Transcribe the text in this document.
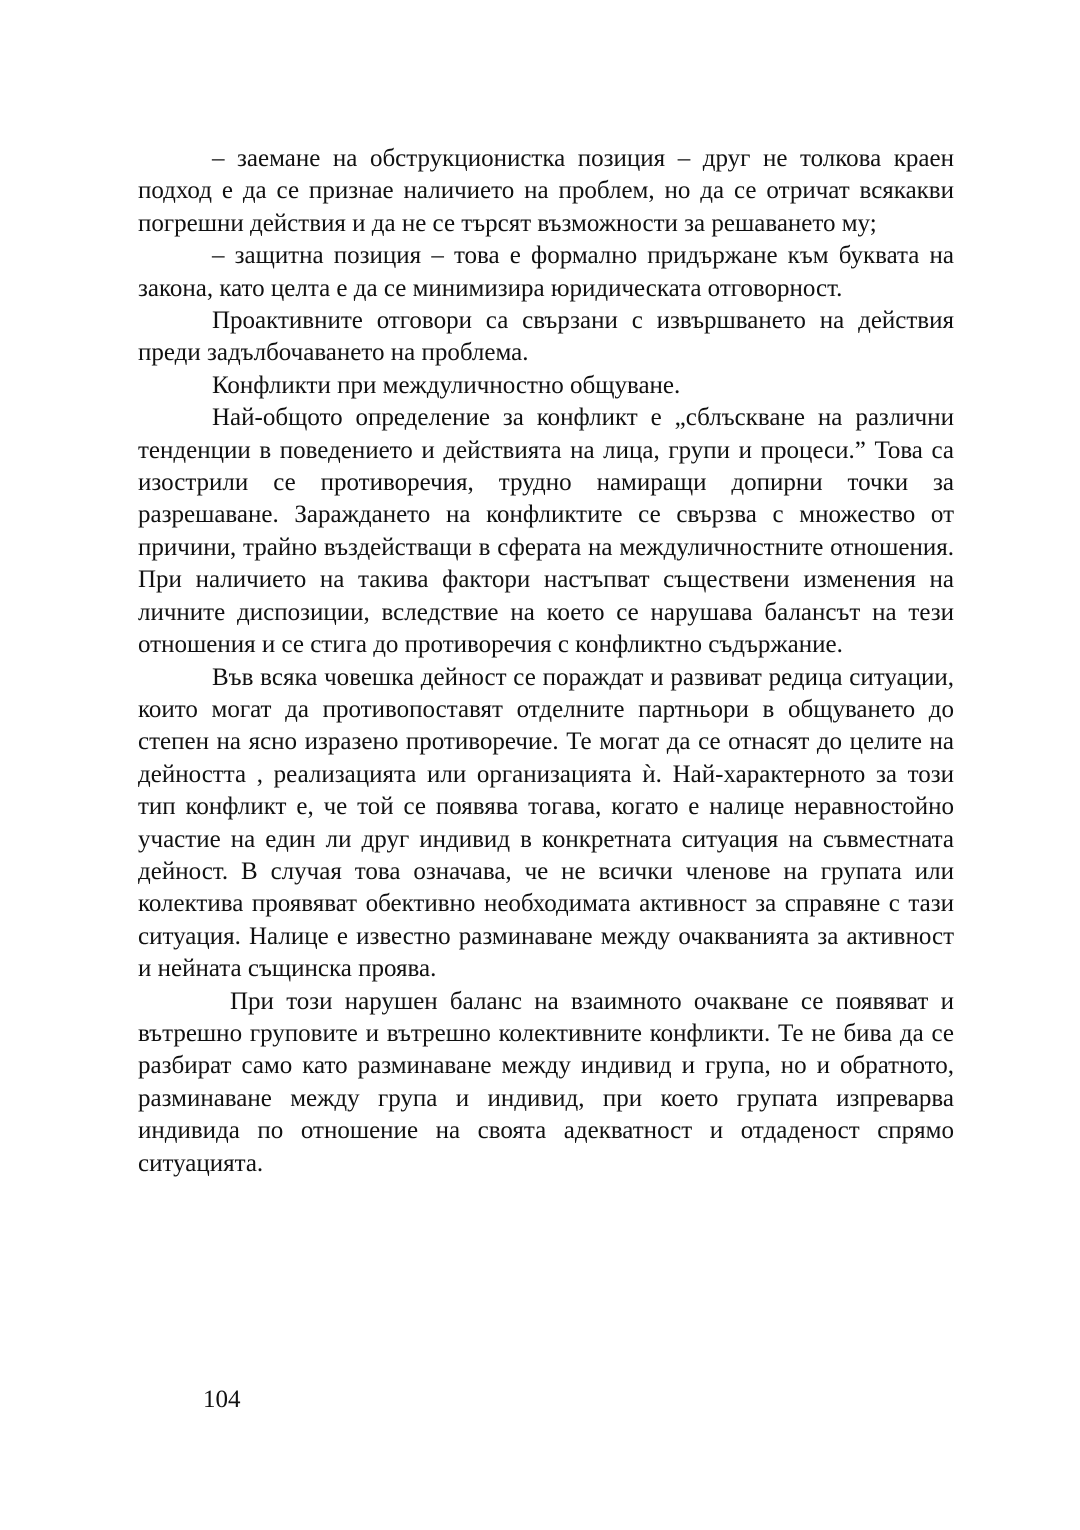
– заемане на обструкционистка позиция – друг не толкова краен подход е да се признае наличието на проблем, но да се отричат всякакви погрешни действия и да не се търсят възможности за решаването му;

– защитна позиция – това е формално придържане към буквата на закона, като целта е да се минимизира юридическата отговорност.

Проактивните отговори са свързани с извършването на действия преди задълбочаването на проблема.

Конфликти при междуличностно общуване.

Най-общото определение за конфликт е „сблъскване на различни тенденции в поведението и действията на лица, групи и процеси.” Това са изострили се противоречия, трудно намиращи допирни точки за разрешаване. Зараждането на конфликтите се свързва с множество от причини, трайно въздействащи в сферата на междуличностните отношения. При наличието на такива фактори настъпват съществени изменения на личните диспозиции, вследствие на което се нарушава балансът на тези отношения и се стига до противоречия с конфликтно съдържание.

Във всяка човешка дейност се пораждат и развиват редица ситуации, които могат да противопоставят отделните партньори в общуването до степен на ясно изразено противоречие. Те могат да се отнасят до целите на дейността , реализацията или организацията ѝ. Най-характерното за този тип конфликт е, че той се появява тогава, когато е налице неравностойно участие на един ли друг индивид в конкретната ситуация на съвместната дейност. В случая това означава, че не всички членове на групата или колектива проявяват обективно необходимата активност за справяне с тази ситуация. Налице е известно разминаване между очакванията за активност и нейната същинска проява.

При този нарушен баланс на взаимното очакване се появяват и вътрешно груповите и вътрешно колективните конфликти. Те не бива да се разбират само като разминаване между индивид и група, но и обратното, разминаване между група и индивид, при което групата изпреварва индивида по отношение на своята адекватност и отдаденост спрямо ситуацията.

104
